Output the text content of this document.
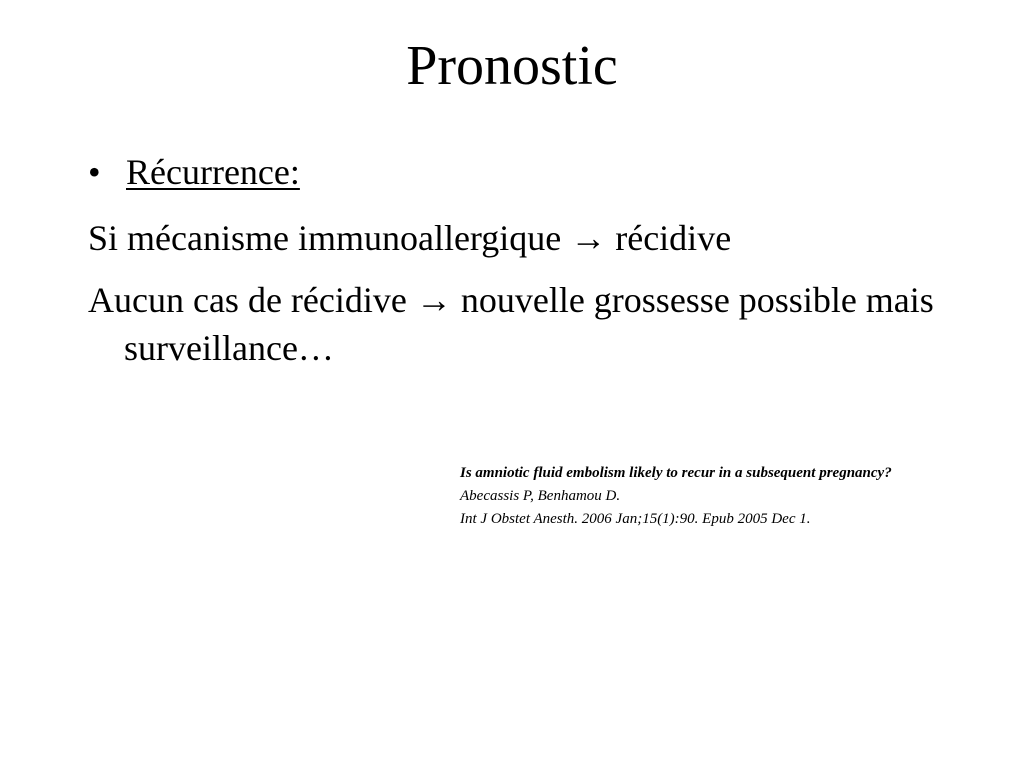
Pronostic
• Récurrence:
Si mécanisme immunoallergique → récidive
Aucun cas de récidive → nouvelle grossesse possible mais surveillance…
Is amniotic fluid embolism likely to recur in a subsequent pregnancy?
Abecassis P, Benhamou D.
Int J Obstet Anesth. 2006 Jan;15(1):90. Epub 2005 Dec 1.
